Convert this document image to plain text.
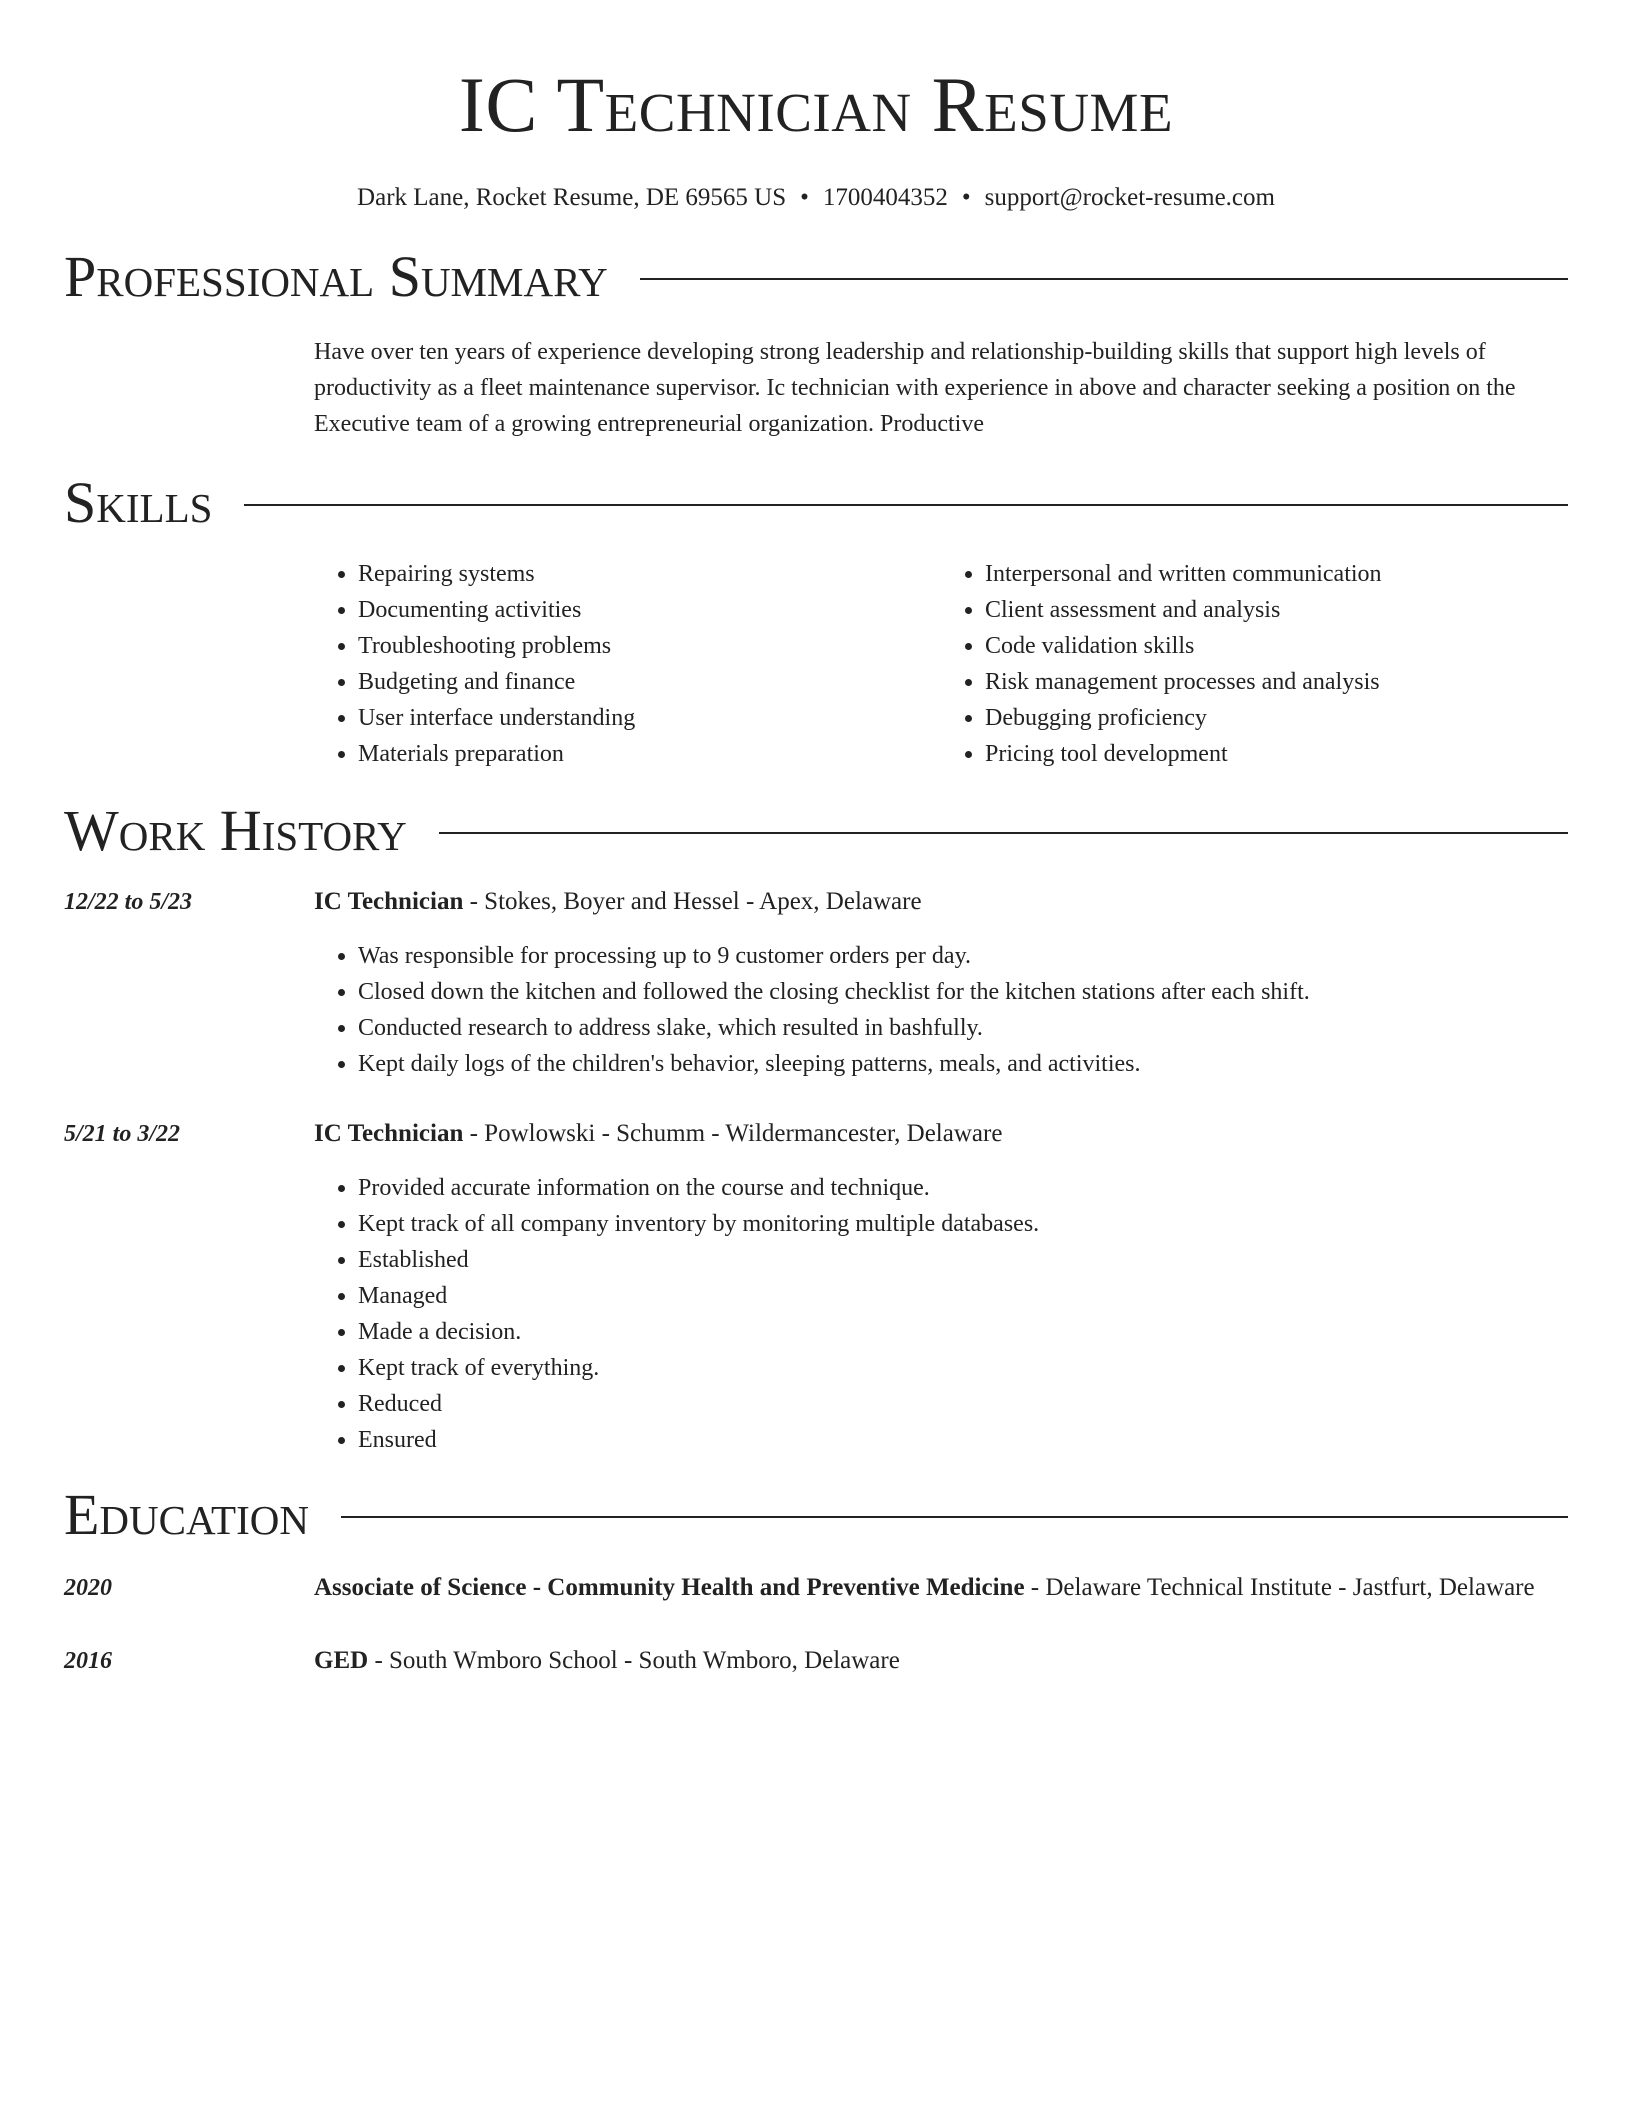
IC Technician Resume
Dark Lane, Rocket Resume, DE 69565 US • 1700404352 • support@rocket-resume.com
Professional Summary

Have over ten years of experience developing strong leadership and relationship-building skills that support high levels of productivity as a fleet maintenance supervisor. Ic technician with experience in above and character seeking a position on the Executive team of a growing entrepreneurial organization. Productive

Skills
• Repairing systems
• Documenting activities
• Troubleshooting problems
• Budgeting and finance
• User interface understanding
• Materials preparation
• Interpersonal and written communication
• Client assessment and analysis
• Code validation skills
• Risk management processes and analysis
• Debugging proficiency
• Pricing tool development
Work History
12/22 to 5/23	IC Technician - Stokes, Boyer and Hessel - Apex, Delaware
• Was responsible for processing up to 9 customer orders per day.
• Closed down the kitchen and followed the closing checklist for the kitchen stations after each shift.
• Conducted research to address slake, which resulted in bashfully.
• Kept daily logs of the children's behavior, sleeping patterns, meals, and activities.
5/21 to 3/22	IC Technician - Powlowski - Schumm - Wildermancester, Delaware
• Provided accurate information on the course and technique.
• Kept track of all company inventory by monitoring multiple databases.
• Established
• Managed
• Made a decision.
• Kept track of everything.
• Reduced
• Ensured
Education
2020	Associate of Science - Community Health and Preventive Medicine - Delaware Technical Institute - Jastfurt, Delaware
2016	GED - South Wmboro School - South Wmboro, Delaware
